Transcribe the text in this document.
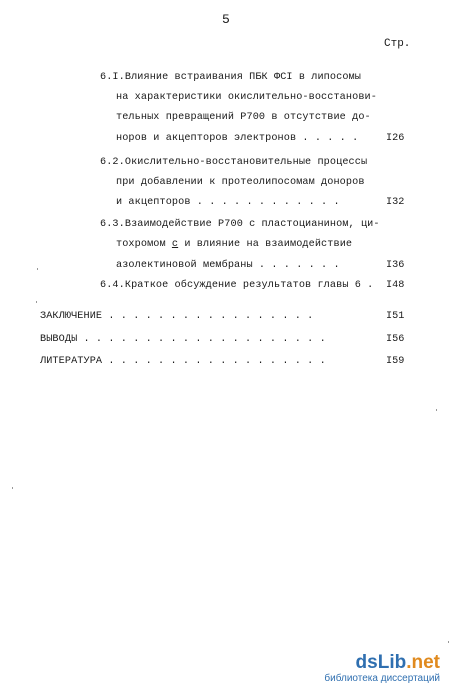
5
Стр.
6.I.Влияние встраивания ПБК ФСI в липосомы
на характеристики окислительно-восстанови-
тельных превращений Р700 в отсутствие до-
норов и акцепторов электронов . . . . .	I26
6.2.Окислительно-восстановительные процессы
при добавлении к протеолипосомам доноров
и акцепторов . . . . . . . . . . . .	I32
6.3.Взаимодействие Р700 с пластоцианином, ци-
тохромом с и влияние на взаимодействие
азолектиновой мембраны . . . . . . .	I36
6.4.Краткое обсуждение результатов главы 6 . I48
ЗАКЛЮЧЕНИЕ . . . . . . . . . . . . . . . . .	I51
ВЫВОДЫ . . . . . . . . . . . . . . . . . . . .	I56
ЛИТЕРАТУРА . . . . . . . . . . . . . . . . . .	I59
dsLib.net
библиотека диссертаций
